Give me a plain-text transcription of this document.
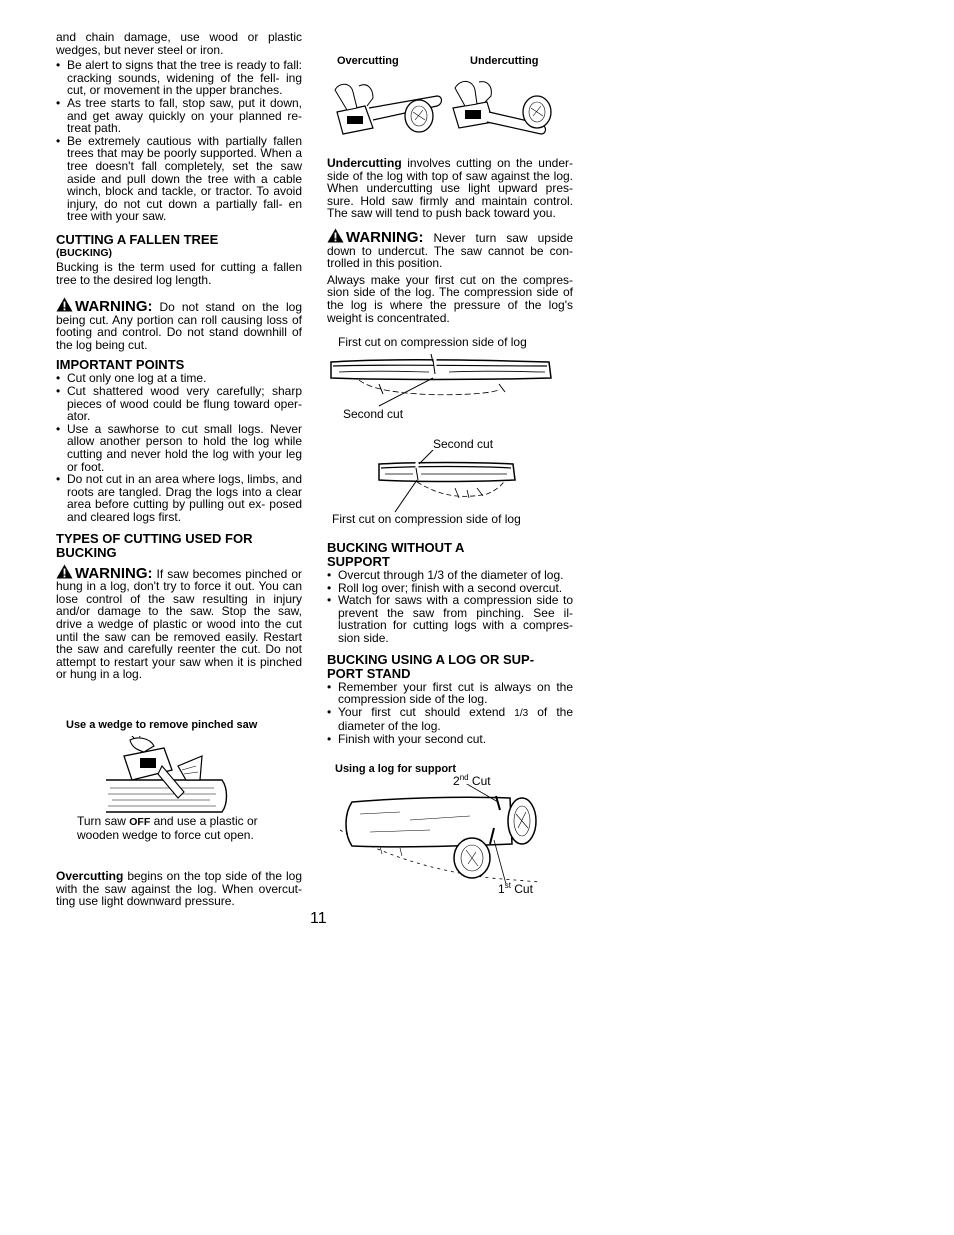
and chain damage, use wood or plastic wedges, but never steel or iron.

• Be alert to signs that the tree is ready to fall: cracking sounds, widening of the fell- ing cut, or movement in the upper branches.
• As tree starts to fall, stop saw, put it down, and get away quickly on your planned re- treat path.
• Be extremely cautious with partially fallen trees that may be poorly supported. When a tree doesn't fall completely, set the saw aside and pull down the tree with a cable winch, block and tackle, or tractor. To avoid injury, do not cut down a partially fall- en tree with your saw.
CUTTING A FALLEN TREE
(BUCKING)

Bucking is the term used for cutting a fallen tree to the desired log length.

WARNING: Do not stand on the log being cut. Any portion can roll causing loss of footing and control. Do not stand downhill of the log being cut.

IMPORTANT POINTS
• Cut only one log at a time.
• Cut shattered wood very carefully; sharp pieces of wood could be flung toward oper- ator.
• Use a sawhorse to cut small logs. Never allow another person to hold the log while cutting and never hold the log with your leg or foot.
• Do not cut in an area where logs, limbs, and roots are tangled. Drag the logs into a clear area before cutting by pulling out ex- posed and cleared logs first.
TYPES OF CUTTING USED FOR BUCKING

WARNING: If saw becomes pinched or hung in a log, don't try to force it out. You can lose control of the saw resulting in injury and/or damage to the saw. Stop the saw, drive a wedge of plastic or wood into the cut until the saw can be removed easily. Restart the saw and carefully reenter the cut. Do not attempt to restart your saw when it is pinched or hung in a log.

Use a wedge to remove pinched saw
Turn saw OFF and use a plastic or wooden wedge to force cut open.

Overcutting begins on the top side of the log with the saw against the log. When overcut- ting use light downward pressure.

Overcutting	Undercutting

Undercutting involves cutting on the under- side of the log with top of saw against the log. When undercutting use light upward pres- sure. Hold saw firmly and maintain control. The saw will tend to push back toward you.

WARNING: Never turn saw upside down to undercut. The saw cannot be con- trolled in this position.

Always make your first cut on the compres- sion side of the log. The compression side of the log is where the pressure of the log's weight is concentrated.

First cut on compression side of log
Second cut
Second cut
First cut on compression side of log
BUCKING WITHOUT A SUPPORT
• Overcut through 1/3 of the diameter of log.
• Roll log over; finish with a second overcut.
• Watch for saws with a compression side to prevent the saw from pinching. See il- lustration for cutting logs with a compres- sion side.
BUCKING USING A LOG OR SUP- PORT STAND
• Remember your first cut is always on the compression side of the log.
• Your first cut should extend 1/3 of the diameter of the log.
• Finish with your second cut.
Using a log for support
2nd Cut
1st Cut
11
